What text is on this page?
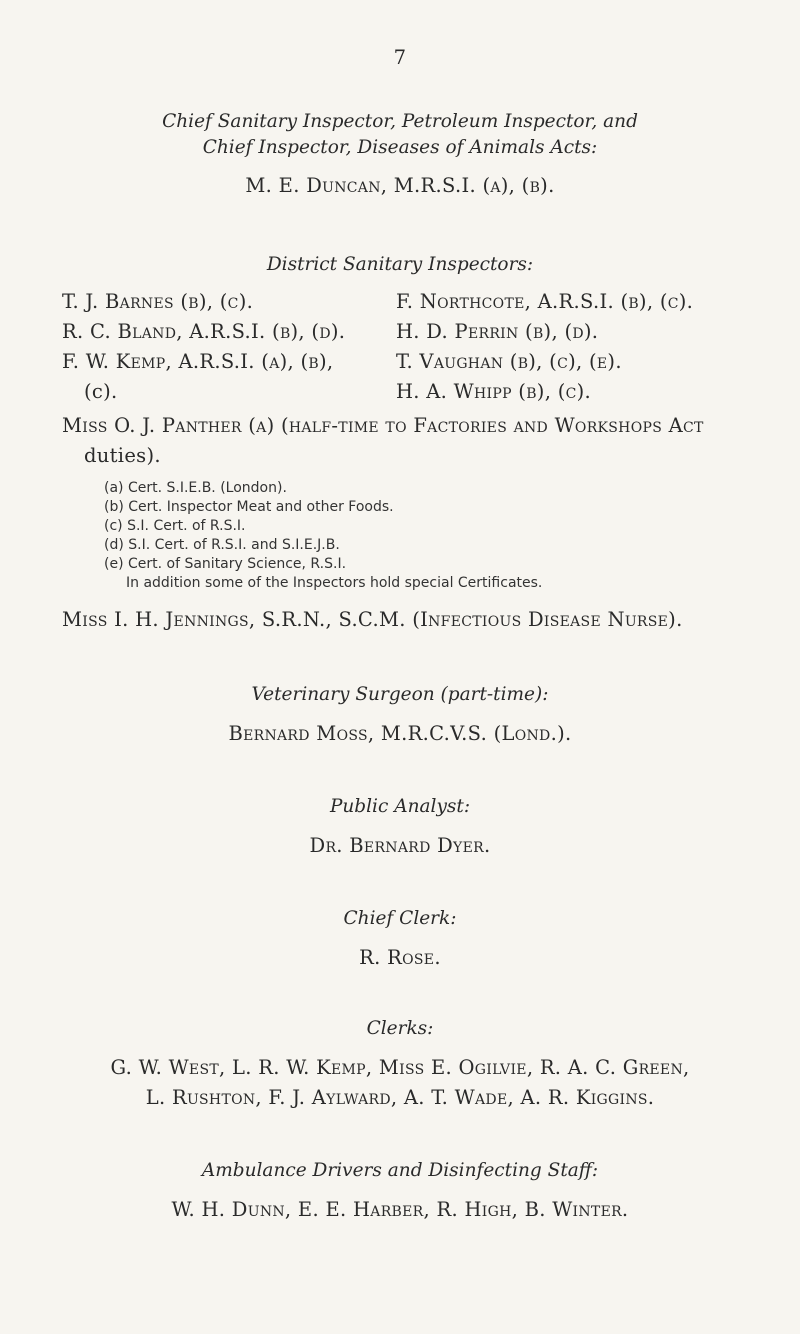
7
Chief Sanitary Inspector, Petroleum Inspector, and
Chief Inspector, Diseases of Animals Acts:
M. E. Duncan, M.R.S.I. (a), (b).
District Sanitary Inspectors:
T. J. Barnes (b), (c).
R. C. Bland, A.R.S.I. (b), (d).
F. W. Kemp, A.R.S.I. (a), (b),
(c).
F. Northcote, A.R.S.I. (b), (c).
H. D. Perrin (b), (d).
T. Vaughan (b), (c), (e).
H. A. Whipp (b), (c).
Miss O. J. Panther (a) (half-time to Factories and Workshops Act
duties).
(a) Cert. S.I.E.B. (London).
(b) Cert. Inspector Meat and other Foods.
(c) S.I. Cert. of R.S.I.
(d) S.I. Cert. of R.S.I. and S.I.E.J.B.
(e) Cert. of Sanitary Science, R.S.I.
In addition some of the Inspectors hold special Certificates.
Miss I. H. Jennings, S.R.N., S.C.M. (Infectious Disease Nurse).
Veterinary Surgeon (part-time):
Bernard Moss, M.R.C.V.S. (Lond.).
Public Analyst:
Dr. Bernard Dyer.
Chief Clerk:
R. Rose.
Clerks:
G. W. West, L. R. W. Kemp, Miss E. Ogilvie, R. A. C. Green,
L. Rushton, F. J. Aylward, A. T. Wade, A. R. Kiggins.
Ambulance Drivers and Disinfecting Staff:
W. H. Dunn, E. E. Harber, R. High, B. Winter.
